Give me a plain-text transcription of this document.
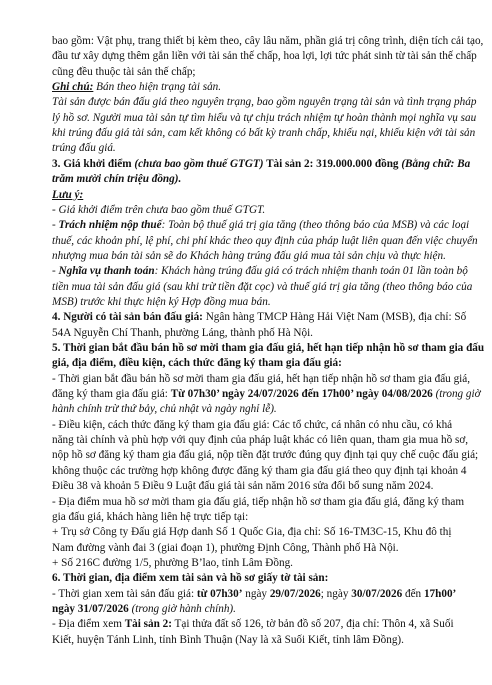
bao gồm: Vật phụ, trang thiết bị kèm theo, cây lâu năm, phần giá trị công trình, diện tích cải tạo,
đầu tư xây dựng thêm gắn liền với tài sản thế chấp, hoa lợi, lợi tức phát sinh từ tài sản thế chấp
cũng đều thuộc tài sản thế chấp;
Ghi chú: Bán theo hiện trạng tài sản.
Tài sản được bán đấu giá theo nguyên trạng, bao gồm nguyên trạng tài sản và tình trạng pháp
lý hồ sơ. Người mua tài sản tự tìm hiểu và tự chịu trách nhiệm tự hoàn thành mọi nghĩa vụ sau
khi trúng đấu giá tài sản, cam kết không có bất kỳ tranh chấp, khiếu nại, khiếu kiện với tài sản
trúng đấu giá.
3. Giá khởi điểm (chưa bao gồm thuế GTGT) Tài sản 2: 319.000.000 đồng (Bằng chữ: Ba
trăm mười chín triệu đồng).
Lưu ý:
- Giá khởi điểm trên chưa bao gồm thuế GTGT.
- Trách nhiệm nộp thuế: Toàn bộ thuế giá trị gia tăng (theo thông báo của MSB) và các loại
thuế, các khoản phí, lệ phí, chi phí khác theo quy định của pháp luật liên quan đến việc chuyển
nhượng mua bán tài sản sẽ do Khách hàng trúng đấu giá mua tài sản chịu và thực hiện.
- Nghĩa vụ thanh toán: Khách hàng trúng đấu giá có trách nhiệm thanh toán 01 lần toàn bộ
tiền mua tài sản đấu giá (sau khi trừ tiền đặt cọc) và thuế giá trị gia tăng (theo thông báo của
MSB) trước khi thực hiện ký Hợp đồng mua bán.
4. Người có tài sản bán đấu giá: Ngân hàng TMCP Hàng Hải Việt Nam (MSB), địa chỉ: Số
54A Nguyễn Chí Thanh, phường Láng, thành phố Hà Nội.
5. Thời gian bắt đầu bán hồ sơ mời tham gia đấu giá, hết hạn tiếp nhận hồ sơ tham gia đấu
giá, địa điểm, điều kiện, cách thức đăng ký tham gia đấu giá:
- Thời gian bắt đầu bán hồ sơ mời tham gia đấu giá, hết hạn tiếp nhận hồ sơ tham gia đấu giá,
đăng ký tham gia đấu giá: Từ 07h30’ ngày 24/07/2026 đến 17h00’ ngày 04/08/2026 (trong giờ
hành chính trừ thứ bảy, chủ nhật và ngày nghỉ lễ).
- Điều kiện, cách thức đăng ký tham gia đấu giá: Các tổ chức, cá nhân có nhu cầu, có khả
năng tài chính và phù hợp với quy định của pháp luật khác có liên quan, tham gia mua hồ sơ,
nộp hồ sơ đăng ký tham gia đấu giá, nộp tiền đặt trước đúng quy định tại quy chế cuộc đấu giá;
không thuộc các trường hợp không được đăng ký tham gia đấu giá theo quy định tại khoản 4
Điều 38 và khoản 5 Điều 9 Luật đấu giá tài sản năm 2016 sửa đổi bổ sung năm 2024.
- Địa điểm mua hồ sơ mời tham gia đấu giá, tiếp nhận hồ sơ tham gia đấu giá, đăng ký tham
gia đấu giá, khách hàng liên hệ trực tiếp tại:
+ Trụ sở Công ty Đấu giá Hợp danh Số 1 Quốc Gia, địa chỉ: Số 16-TM3C-15, Khu đô thị
Nam đường vành đai 3 (giai đoạn 1), phường Định Công, Thành phố Hà Nội.
+ Số 216C đường 1/5, phường B’lao, tỉnh Lâm Đồng.
6. Thời gian, địa điểm xem tài sản và hồ sơ giấy tờ tài sản:
- Thời gian xem tài sản đấu giá: từ 07h30’ ngày 29/07/2026; ngày 30/07/2026 đến 17h00’
ngày 31/07/2026 (trong giờ hành chính).
- Địa điểm xem Tài sản 2: Tại thửa đất số 126, tờ bản đồ số 207, địa chỉ: Thôn 4, xã Suối
Kiết, huyện Tánh Linh, tỉnh Bình Thuận (Nay là xã Suối Kiết, tỉnh lâm Đồng).
